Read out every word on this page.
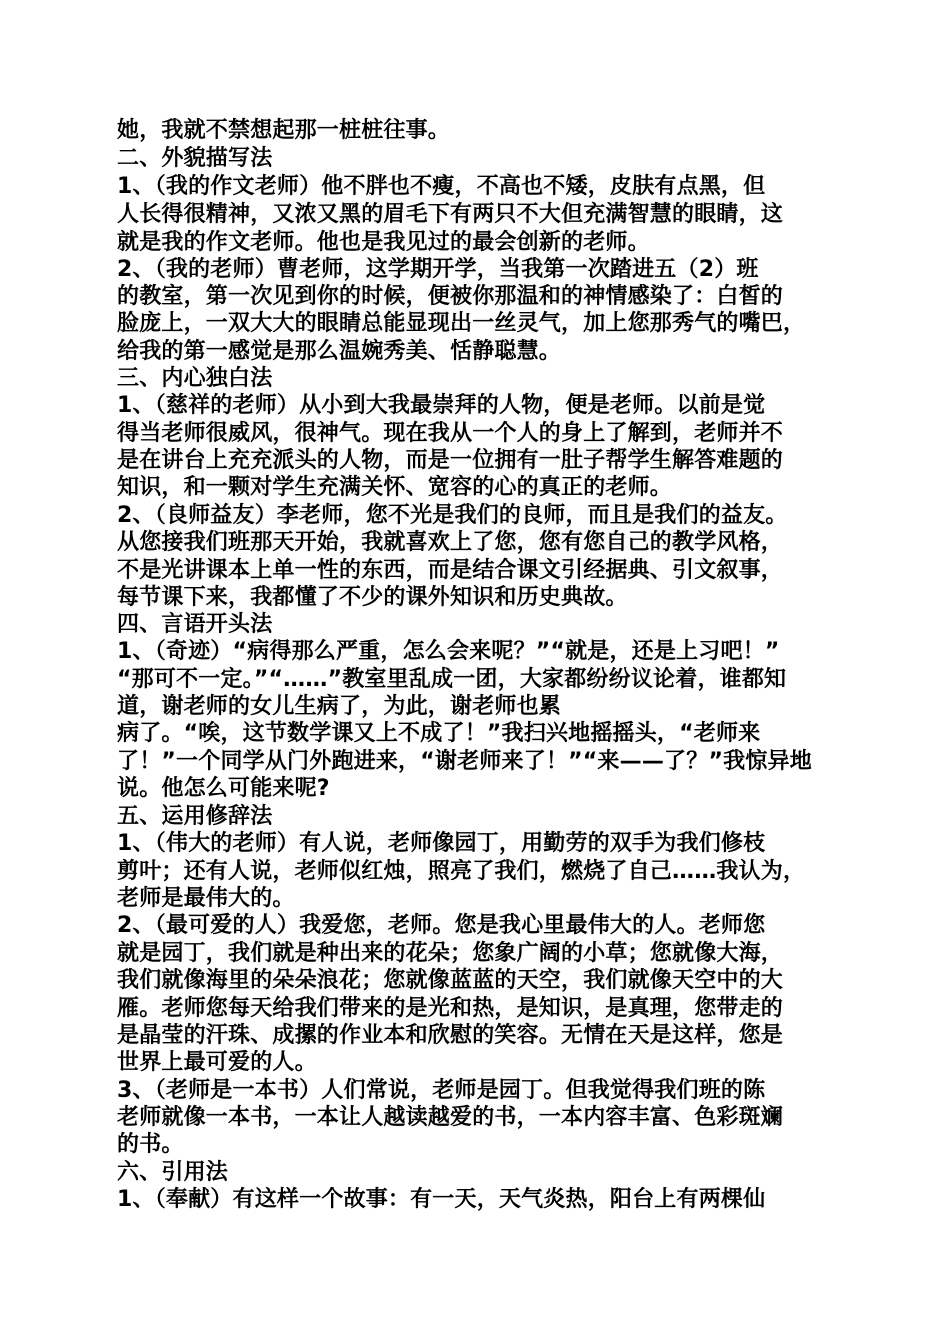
她，我就不禁想起那一桩桩往事。
二、外貌描写法
1、（我的作文老师）他不胖也不瘦，不高也不矮，皮肤有点黑，但
人长得很精神，又浓又黑的眉毛下有两只不大但充满智慧的眼睛，这
就是我的作文老师。他也是我见过的最会创新的老师。
2、（我的老师）曹老师，这学期开学，当我第一次踏进五（2）班
的教室，第一次见到你的时候，便被你那温和的神情感染了：白皙的
脸庞上，一双大大的眼睛总能显现出一丝灵气，加上您那秀气的嘴巴，
给我的第一感觉是那么温婉秀美、恬静聪慧。
三、内心独白法
1、（慈祥的老师）从小到大我最崇拜的人物，便是老师。以前是觉
得当老师很威风，很神气。现在我从一个人的身上了解到，老师并不
是在讲台上充充派头的人物，而是一位拥有一肚子帮学生解答难题的
知识，和一颗对学生充满关怀、宽容的心的真正的老师。
2、（良师益友）李老师，您不光是我们的良师，而且是我们的益友。
从您接我们班那天开始，我就喜欢上了您，您有您自己的教学风格，
不是光讲课本上单一性的东西，而是结合课文引经据典、引文叙事，
每节课下来，我都懂了不少的课外知识和历史典故。
四、言语开头法
1、（奇迹）“病得那么严重，怎么会来呢？”“就是，还是上习吧！”
“那可不一定。”“……”教室里乱成一团，大家都纷纷议论着，谁都知
道，谢老师的女儿生病了，为此，谢老师也累
病了。“唉，这节数学课又上不成了！”我扫兴地摇摇头，“老师来
了！”一个同学从门外跑进来，“谢老师来了！”“来——了？”我惊异地
说。他怎么可能来呢?
五、运用修辞法
1、（伟大的老师）有人说，老师像园丁，用勤劳的双手为我们修枝
剪叶；还有人说，老师似红烛，照亮了我们，燃烧了自己……我认为，
老师是最伟大的。
2、（最可爱的人）我爱您，老师。您是我心里最伟大的人。老师您
就是园丁，我们就是种出来的花朵；您象广阔的小草；您就像大海，
我们就像海里的朵朵浪花；您就像蓝蓝的天空，我们就像天空中的大
雁。老师您每天给我们带来的是光和热，是知识，是真理，您带走的
是晶莹的汗珠、成摞的作业本和欣慰的笑容。无情在天是这样，您是
世界上最可爱的人。
3、（老师是一本书）人们常说，老师是园丁。但我觉得我们班的陈
老师就像一本书，一本让人越读越爱的书，一本内容丰富、色彩斑斓
的书。
六、引用法
1、（奉献）有这样一个故事：有一天，天气炎热，阳台上有两棵仙
